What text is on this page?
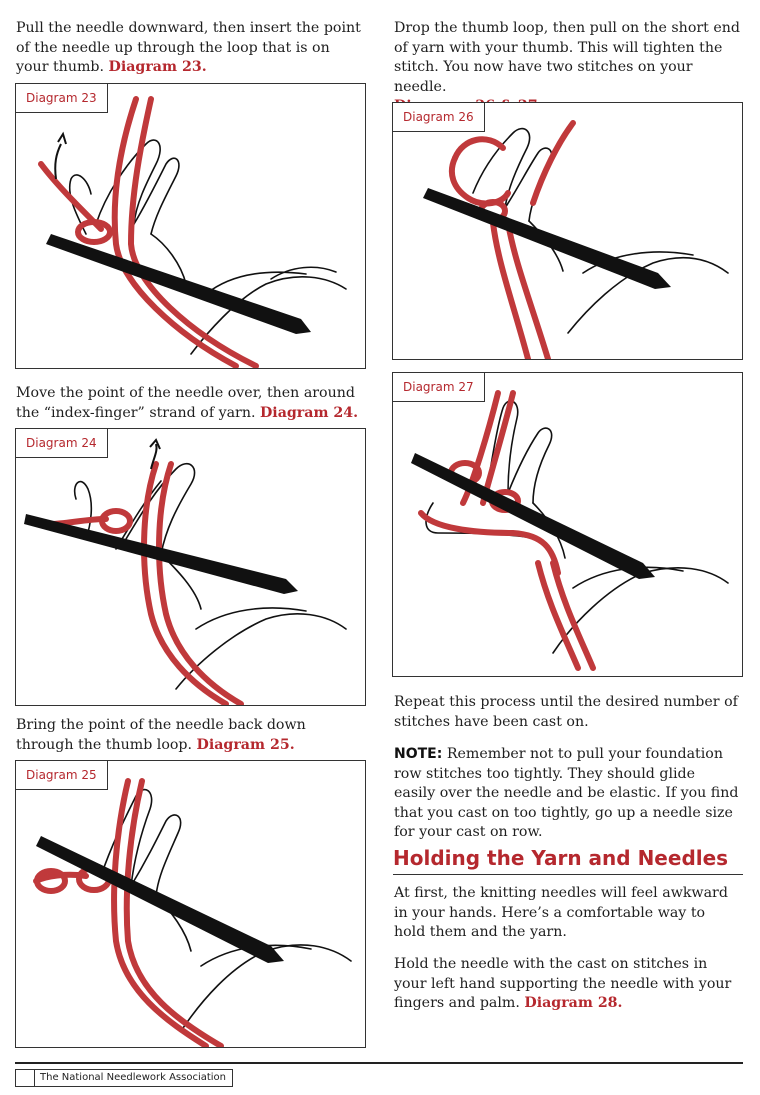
Pull the needle downward, then insert the point of the needle up through the loop that is on your thumb. Diagram 23.

Diagram 23

Move the point of the needle over, then around the “index-finger” strand of yarn. Diagram 24.

Diagram 24

Bring the point of the needle back down through the thumb loop. Diagram 25.

Diagram 25

Drop the thumb loop, then pull on the short end of yarn with your thumb. This will tighten the stitch. You now have two stitches on your needle.

Diagram 26
Diagram 27

Repeat this process until the desired number of stitches have been cast on.

NOTE: Remember not to pull your foundation row stitches too tightly. They should glide easily over the needle and be elastic. If you find that you cast on too tightly, go up a needle size for your cast on row.

Holding the Yarn and Needles

At first, the knitting needles will feel awkward in your hands. Here’s a comfortable way to hold them and the yarn.

Hold the needle with the cast on stitches in your left hand supporting the needle with your fingers and palm. Diagram 28.

The National Needlework Association
